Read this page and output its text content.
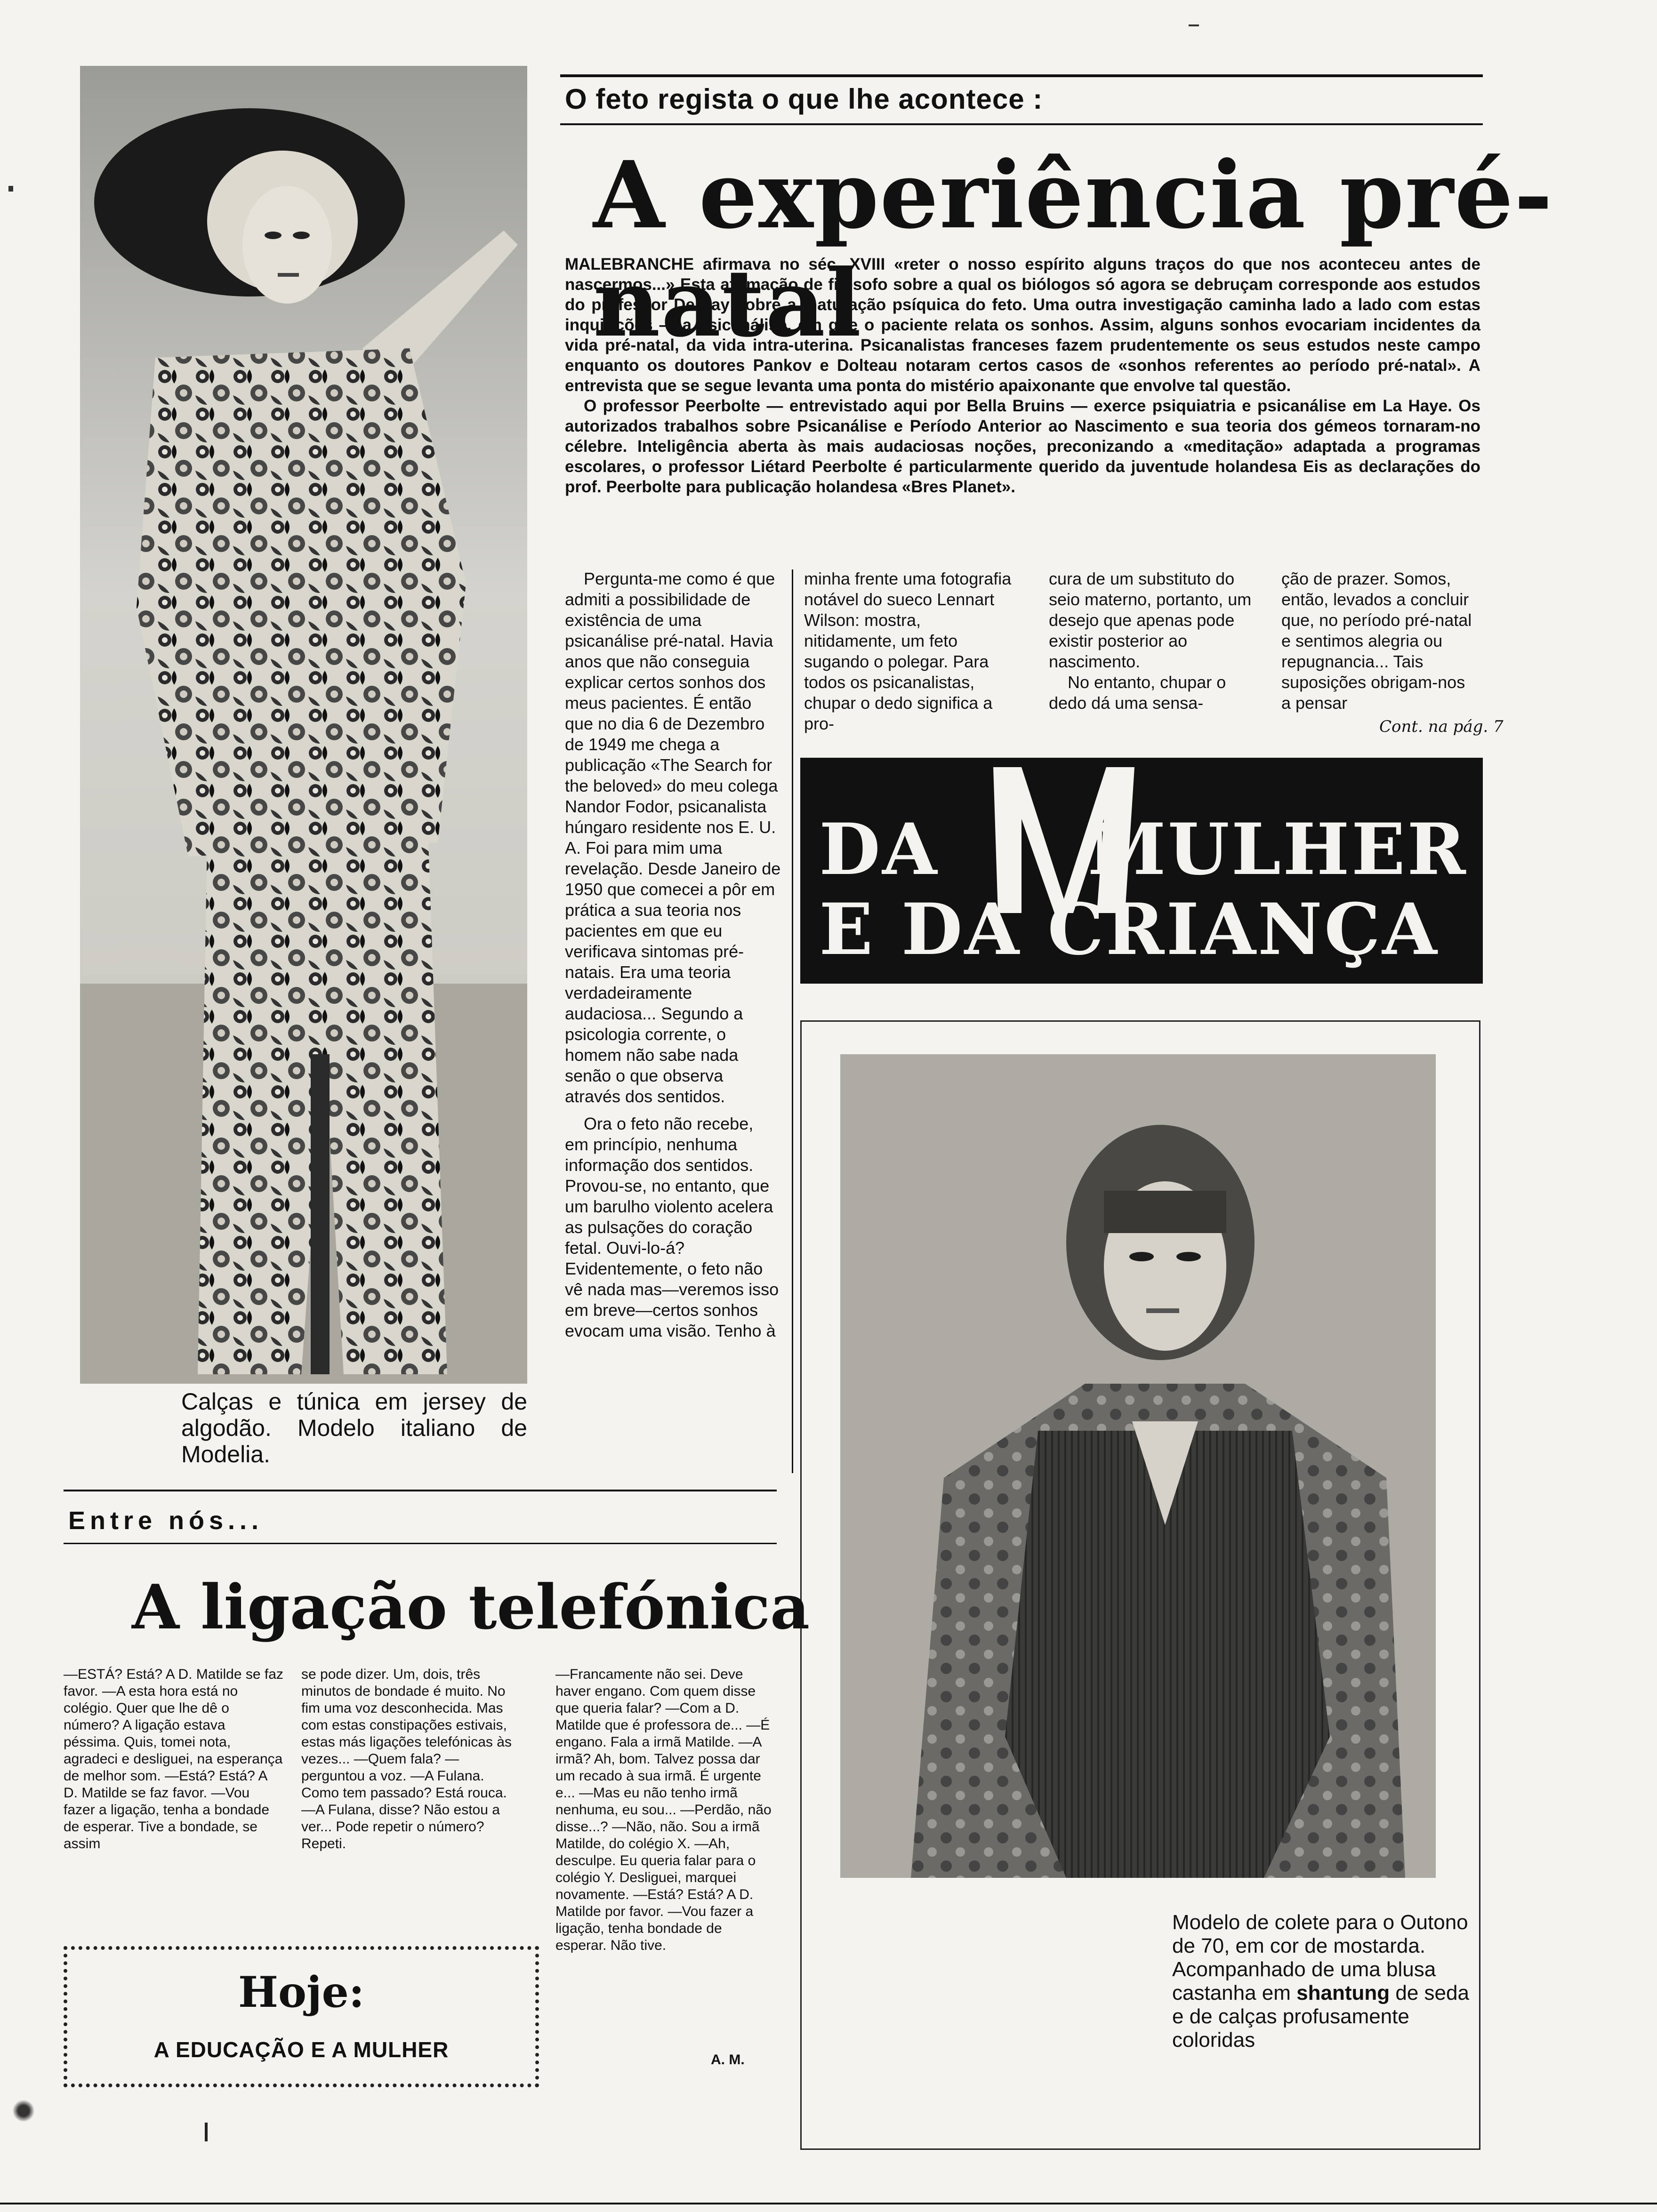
Calças e túnica em jersey de algodão. Modelo italiano de Modelia.
O feto regista o que lhe acontece :
A experiência pré-natal

MALEBRANCHE afirmava no séc. XVIII «reter o nosso espírito alguns traços do que nos aconteceu antes de nascermos...» Esta afirmação de filósofo sobre a qual os biólogos só agora se debruçam corresponde aos estudos do professor Debray sobre a maturação psíquica do feto. Uma outra investigação caminha lado a lado com estas inquirições — a psicanálise, em que o paciente relata os sonhos. Assim, alguns sonhos evocariam incidentes da vida pré-natal, da vida intra-uterina. Psicanalistas franceses fazem prudentemente os seus estudos neste campo enquanto os doutores Pankov e Dolteau notaram certos casos de «sonhos referentes ao período pré-natal». A entrevista que se segue levanta uma ponta do mistério apaixonante que envolve tal questão.

O professor Peerbolte — entrevistado aqui por Bella Bruins — exerce psiquiatria e psicanálise em La Haye. Os autorizados trabalhos sobre Psicanálise e Período Anterior ao Nascimento e sua teoria dos gémeos tornaram-no célebre. Inteligência aberta às mais audaciosas noções, preconizando a «meditação» adaptada a programas escolares, o professor Liétard Peerbolte é particularmente querido da juventude holandesa Eis as declarações do prof. Peerbolte para publicação holandesa «Bres Planet».

Pergunta-me como é que admiti a possibilidade de existência de uma psicanálise pré-natal. Havia anos que não conseguia explicar certos sonhos dos meus pacientes. É então que no dia 6 de Dezembro de 1949 me chega a publicação «The Search for the beloved» do meu colega Nandor Fodor, psicanalista húngaro residente nos E. U. A. Foi para mim uma revelação. Desde Janeiro de 1950 que comecei a pôr em prática a sua teoria nos pacientes em que eu verificava sintomas pré-natais. Era uma teoria verdadeiramente audaciosa... Segundo a psicologia corrente, o homem não sabe nada senão o que observa através dos sentidos.

Ora o feto não recebe, em princípio, nenhuma informação dos sentidos. Provou-se, no entanto, que um barulho violento acelera as pulsações do coração fetal. Ouvi-lo-á? Evidentemente, o feto não vê nada mas—veremos isso em breve—certos sonhos evocam uma visão. Tenho à

minha frente uma fotografia notável do sueco Lennart Wilson: mostra, nitidamente, um feto sugando o polegar. Para todos os psicanalistas, chupar o dedo significa a pro-

cura de um substituto do seio materno, portanto, um desejo que apenas pode existir posterior ao nascimento.

No entanto, chupar o dedo dá uma sensa-

ção de prazer. Somos, então, levados a concluir que, no período pré-natal e sentimos alegria ou repugnancia... Tais suposições obrigam-nos a pensar

Cont. na pág. 7
DA MULHER
E DA CRIANÇA
Modelo de colete para o Outono de 70, em cor de mostarda. Acompanhado de uma blusa castanha em shantung de seda e de calças profusamente coloridas
Entre nós...
A ligação telefónica
—ESTÁ? Está? A D. Matilde se faz favor. —A esta hora está no colégio. Quer que lhe dê o número? A ligação estava péssima. Quis, tomei nota, agradeci e desliguei, na esperança de melhor som. —Está? Está? A D. Matilde se faz favor. —Vou fazer a ligação, tenha a bondade de esperar. Tive a bondade, se assim
se pode dizer. Um, dois, três minutos de bondade é muito. No fim uma voz desconhecida. Mas com estas constipações estivais, estas más ligações telefónicas às vezes... —Quem fala? — perguntou a voz. —A Fulana. Como tem passado? Está rouca. —A Fulana, disse? Não estou a ver... Pode repetir o número? Repeti.
—Francamente não sei. Deve haver engano. Com quem disse que queria falar? —Com a D. Matilde que é professora de... —É engano. Fala a irmã Matilde. —A irmã? Ah, bom. Talvez possa dar um recado à sua irmã. É urgente e... —Mas eu não tenho irmã nenhuma, eu sou... —Perdão, não disse...? —Não, não. Sou a irmã Matilde, do colégio X. —Ah, desculpe. Eu queria falar para o colégio Y. Desliguei, marquei novamente. —Está? Está? A D. Matilde por favor. —Vou fazer a ligação, tenha bondade de esperar. Não tive.
A. M.
Hoje:
A EDUCAÇÃO E A MULHER
